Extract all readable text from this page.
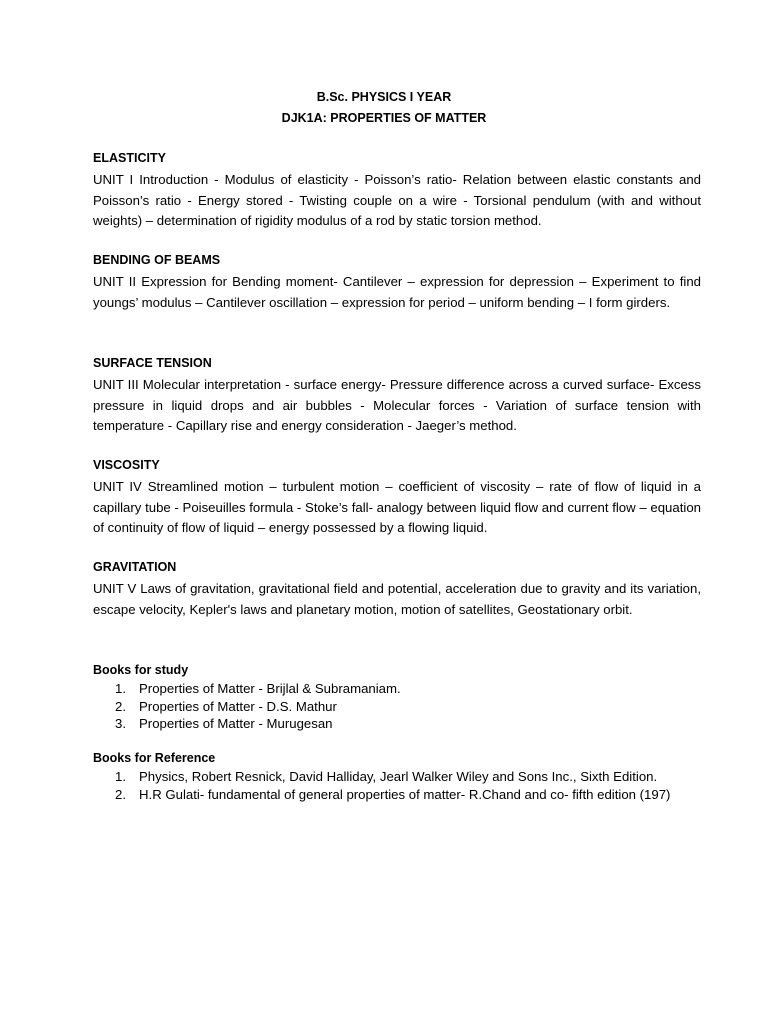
B.Sc. PHYSICS I YEAR
DJK1A: PROPERTIES OF MATTER

ELASTICITY

UNIT I Introduction - Modulus of elasticity - Poisson’s ratio- Relation between elastic constants and Poisson’s ratio - Energy stored - Twisting couple on a wire - Torsional pendulum (with and without weights) – determination of rigidity modulus of a rod by static torsion method.

BENDING OF BEAMS

UNIT II Expression for Bending moment- Cantilever – expression for depression – Experiment to find youngs’ modulus – Cantilever oscillation – expression for period – uniform bending – I form girders.

SURFACE TENSION

UNIT III Molecular interpretation - surface energy- Pressure difference across a curved surface- Excess pressure in liquid drops and air bubbles - Molecular forces - Variation of surface tension with temperature - Capillary rise and energy consideration - Jaeger’s method.

VISCOSITY

UNIT IV Streamlined motion – turbulent motion – coefficient of viscosity – rate of flow of liquid in a capillary tube - Poiseuilles formula - Stoke’s fall- analogy between liquid flow and current flow – equation of continuity of flow of liquid – energy possessed by a flowing liquid.

GRAVITATION

UNIT V Laws of gravitation, gravitational field and potential, acceleration due to gravity and its variation, escape velocity, Kepler's laws and planetary motion, motion of satellites, Geostationary orbit.

Books for study

1. Properties of Matter - Brijlal & Subramaniam.
2. Properties of Matter - D.S. Mathur
3. Properties of Matter - Murugesan

Books for Reference

1. Physics, Robert Resnick, David Halliday, Jearl Walker Wiley and Sons Inc., Sixth Edition.
2. H.R Gulati- fundamental of general properties of matter- R.Chand and co- fifth edition (197)
